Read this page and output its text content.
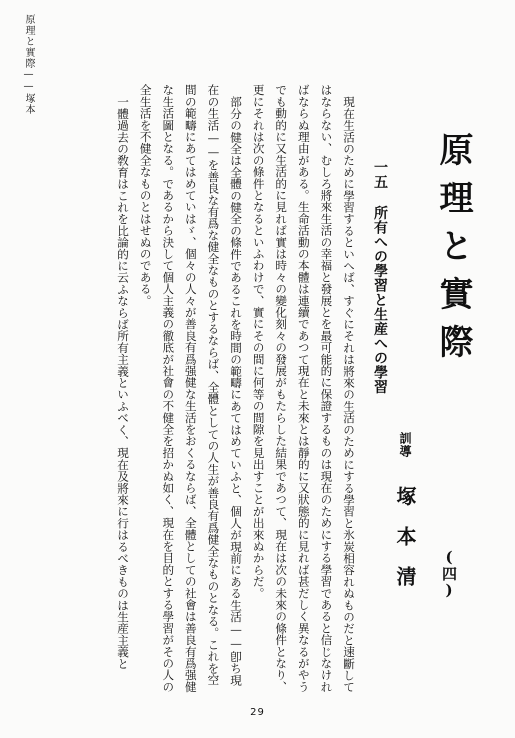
原理と實際——塚本
原理と實際
(四)
訓導
塚本清
一五 所有への學習と生産への學習

現在生活のために學習するといへば、すぐにそれは將來の生活のためにする學習と氷炭相容れぬものだと速斷してはならない、むしろ將來生活の幸福と發展とを最可能的に保證するものは現在のためにする學習であると信じなければならぬ理由がある。生命活動の本體は連續であつて現在と未來とは靜的に又狀態的に見れば甚だしく異なるがやうでも動的に又生活的に見れば實は時々の變化刻々の發展がもたらした結果であつて、現在は次の未來の條件となり、更にそれは次の條件となるといふわけで、實にその間に何等の間隙を見出すことが出來ぬからだ。

部分の健全は全體の健全の條件であるこれを時間の範疇にあてはめていふと、個人が現前にある生活——卽ち現在の生活——を善良な有爲な健全なものとするならば、全體としての人生が善良有爲健全なものとなる。これを空間の範疇にあてはめていはゞ、個々の人々が善良有爲强健な生活をおくるならば、全體としての社會は善良有爲强健な生活圖となる。であるから決して個人主義の徹底が社會の不健全を招かぬ如く、現在を目的とする學習がその人の全生活を不健全なものとはせぬのである。

一體過去の敎育はこれを比論的に云ふならば所有主義といふべく、現在及將來に行はるべきものは生産主義と

29
